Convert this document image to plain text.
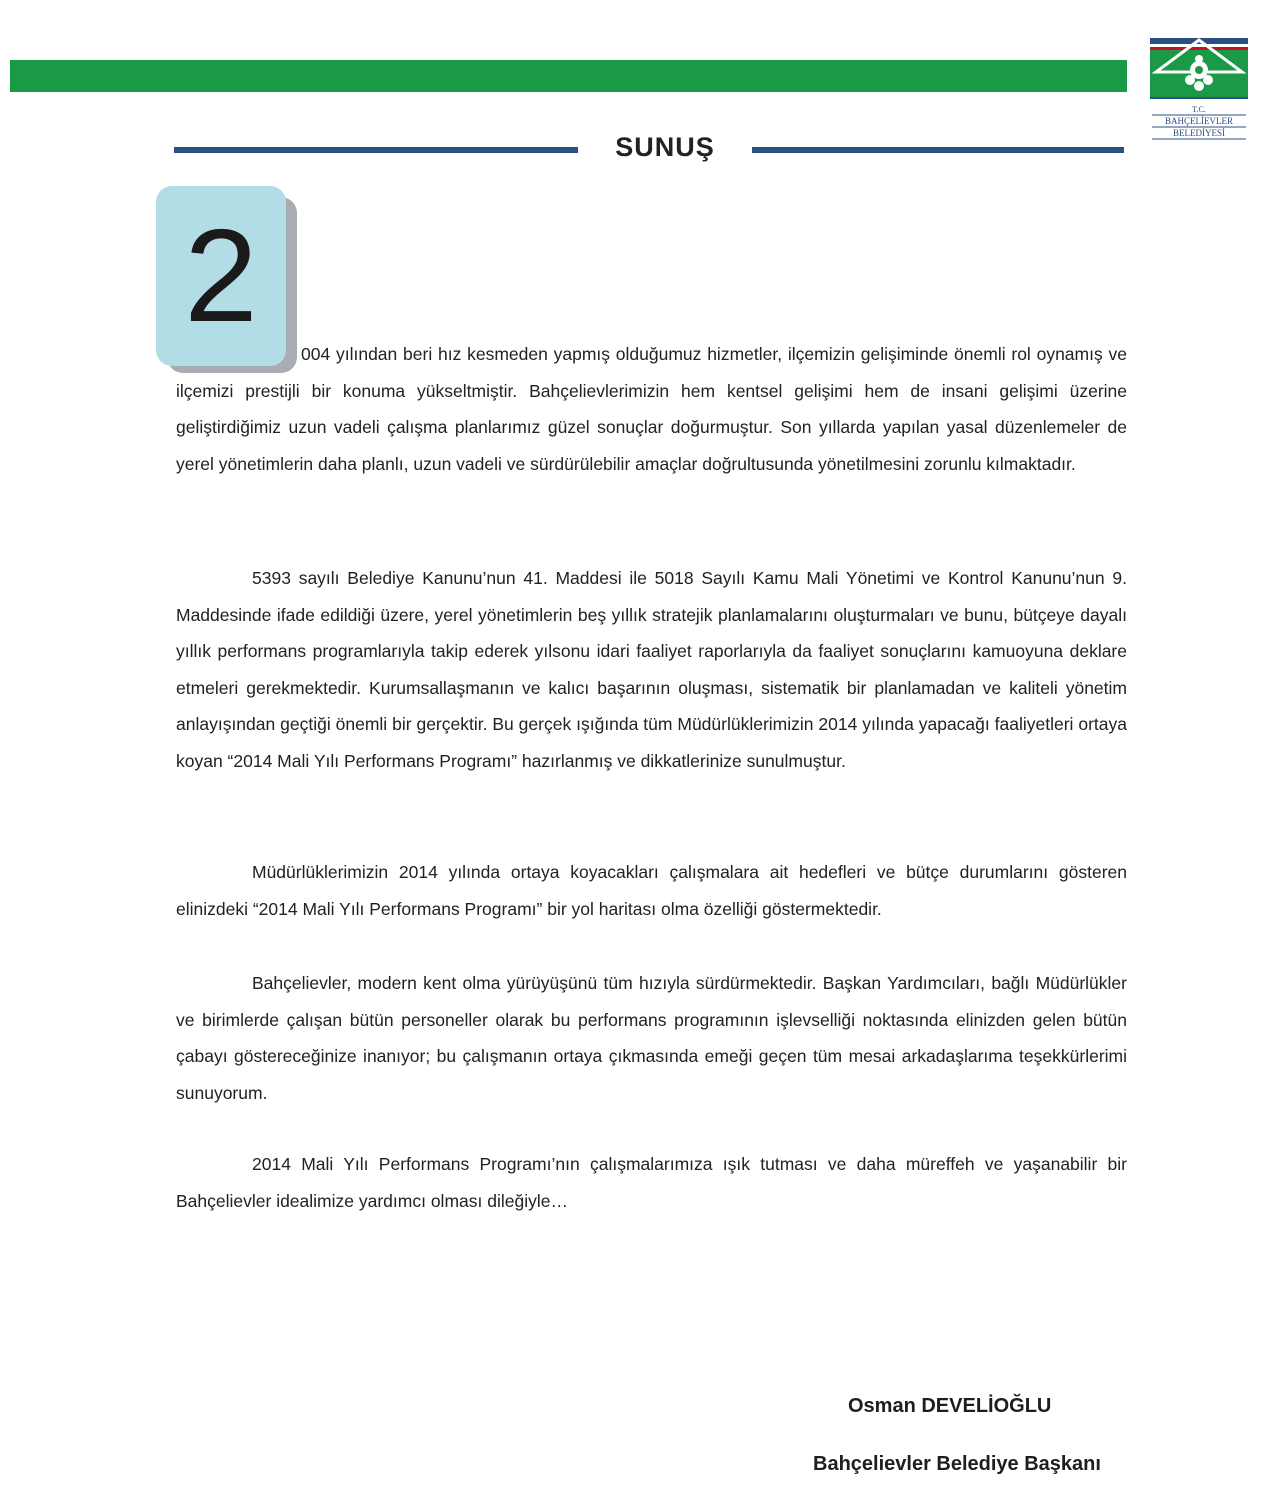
T.C.
BAHÇELİEVLER
BELEDİYESİ
SUNUŞ
2

004 yılından beri hız kesmeden yapmış olduğumuz hizmetler, ilçemizin gelişiminde önemli rol oynamış ve ilçemizi prestijli bir konuma yükseltmiştir. Bahçelievlerimizin hem kentsel gelişimi hem de insani gelişimi üzerine geliştirdiğimiz uzun vadeli çalışma planlarımız güzel sonuçlar doğurmuştur. Son yıllarda yapılan yasal düzenlemeler de yerel yönetimlerin daha planlı, uzun vadeli ve sürdürülebilir amaçlar doğrultusunda yönetilmesini zorunlu kılmaktadır.

5393 sayılı Belediye Kanunu’nun 41. Maddesi ile 5018 Sayılı Kamu Mali Yönetimi ve Kontrol Kanunu’nun 9. Maddesinde ifade edildiği üzere, yerel yönetimlerin beş yıllık stratejik planlamalarını oluşturmaları ve bunu, bütçeye dayalı yıllık performans programlarıyla takip ederek yılsonu idari faaliyet raporlarıyla da faaliyet sonuçlarını kamuoyuna deklare etmeleri gerekmektedir. Kurumsallaşmanın ve kalıcı başarının oluşması, sistematik bir planlamadan ve kaliteli yönetim anlayışından geçtiği önemli bir gerçektir. Bu gerçek ışığında tüm Müdürlüklerimizin 2014 yılında yapacağı faaliyetleri ortaya koyan “2014 Mali Yılı Performans Programı” hazırlanmış ve dikkatlerinize sunulmuştur.

Müdürlüklerimizin 2014 yılında ortaya koyacakları çalışmalara ait hedefleri ve bütçe durumlarını gösteren elinizdeki “2014 Mali Yılı Performans Programı” bir yol haritası olma özelliği göstermektedir.

Bahçelievler, modern kent olma yürüyüşünü tüm hızıyla sürdürmektedir. Başkan Yardımcıları, bağlı Müdürlükler ve birimlerde çalışan bütün personeller olarak bu performans programının işlevselliği noktasında elinizden gelen bütün çabayı göstereceğinize inanıyor; bu çalışmanın ortaya çıkmasında emeği geçen tüm mesai arkadaşlarıma teşekkürlerimi sunuyorum.

2014 Mali Yılı Performans Programı’nın çalışmalarımıza ışık tutması ve daha müreffeh ve yaşanabilir bir Bahçelievler idealimize yardımcı olması dileğiyle…

Osman DEVELİOĞLU
Bahçelievler Belediye Başkanı
